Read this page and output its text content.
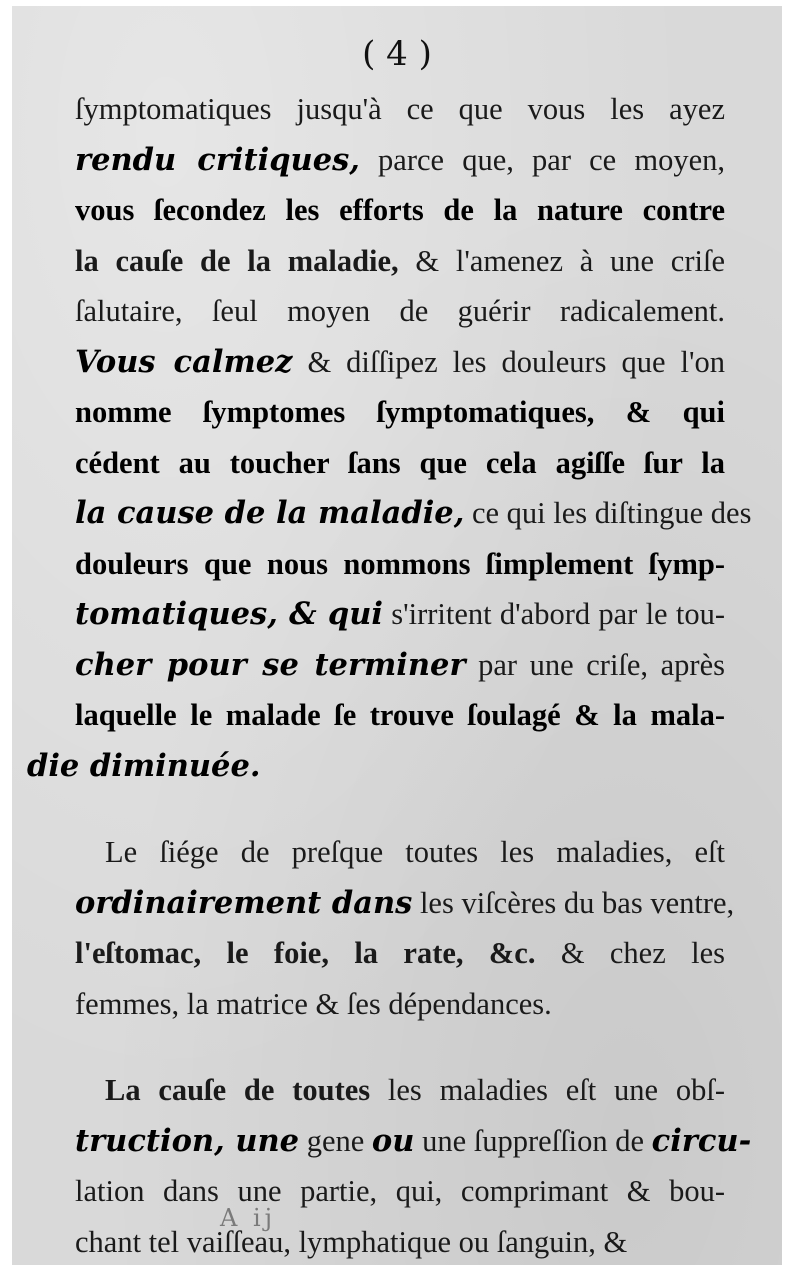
( 4 )
ſymptomatiques jusqu'à ce que vous les ayez
rendu critiques, parce que, par ce moyen,
vous ſecondez les efforts de la nature contre
la cauſe de la maladie, & l'amenez à une criſe
ſalutaire, ſeul moyen de guérir radicalement.
Vous calmez & diſſipez les douleurs que l'on
nomme ſymptomes ſymptomatiques, & qui
cédent au toucher ſans que cela agiſſe ſur la
la cause de la maladie, ce qui les diſtingue des
douleurs que nous nommons ſimplement ſymp-
tomatiques, & qui s'irritent d'abord par le tou-
cher pour se terminer par une criſe, après
laquelle le malade ſe trouve ſoulagé & la mala-
die diminuée.
Le ſiége de preſque toutes les maladies, eſt
ordinairement dans les viſcères du bas ventre,
l'eſtomac, le foie, la rate, &c. & chez les
femmes, la matrice & ſes dépendances.
La cauſe de toutes les maladies eſt une obſ-
truction, une gene ou une ſuppreſſion de circu-
lation dans une partie, qui, comprimant & bou-
chant tel vaiſſeau, lymphatique ou ſanguin, &
A ij
